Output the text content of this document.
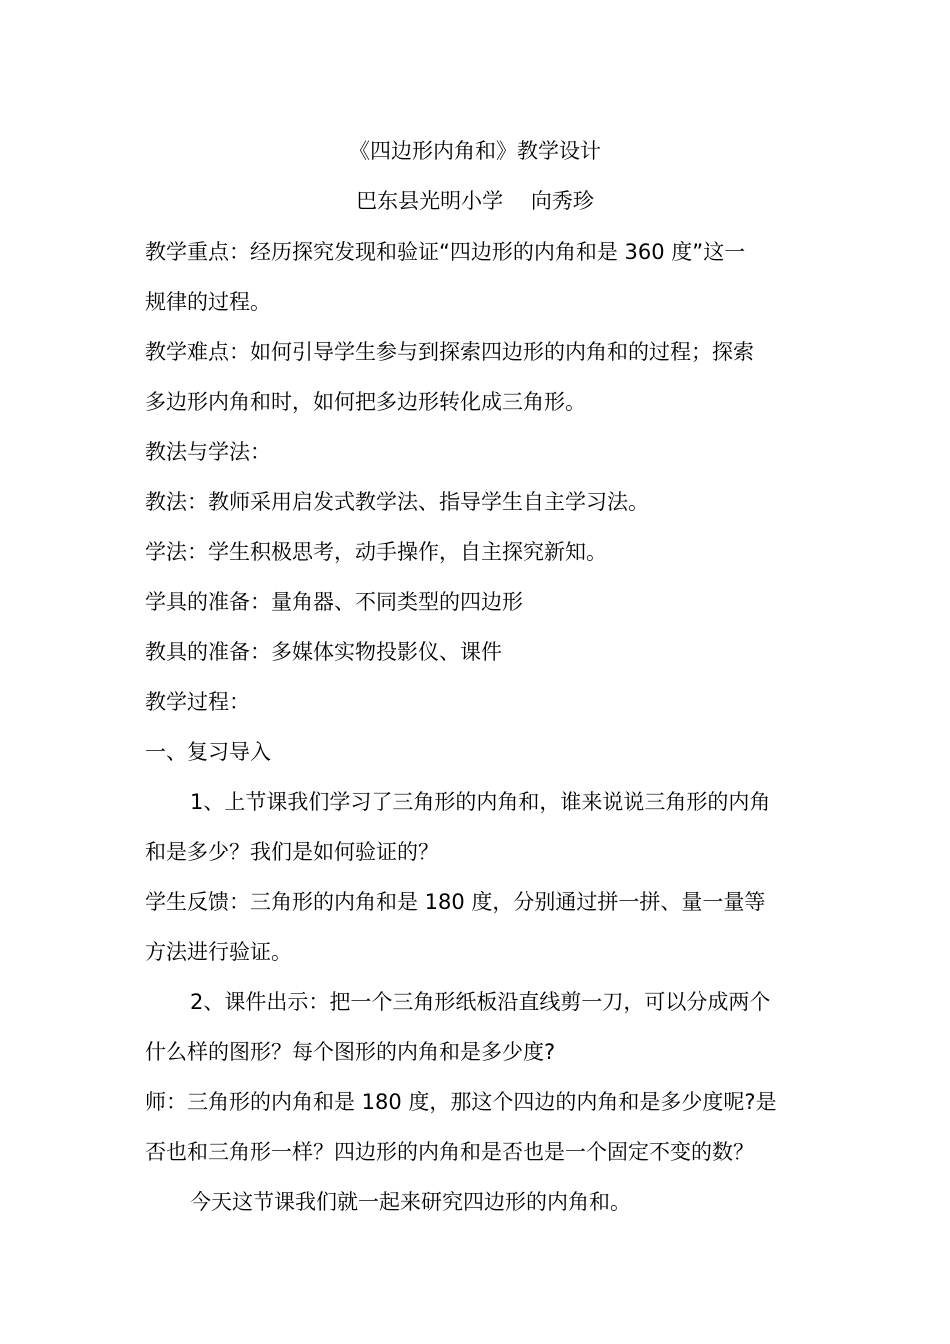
《四边形内角和》教学设计
巴东县光明小学　 向秀珍
教学重点：经历探究发现和验证“四边形的内角和是 360 度”这一
规律的过程。
教学难点：如何引导学生参与到探索四边形的内角和的过程；探索
多边形内角和时，如何把多边形转化成三角形。
教法与学法：
教法：教师采用启发式教学法、指导学生自主学习法。
学法：学生积极思考，动手操作，自主探究新知。
学具的准备：量角器、不同类型的四边形
教具的准备：多媒体实物投影仪、课件
教学过程：
一、复习导入
1、上节课我们学习了三角形的内角和，谁来说说三角形的内角
和是多少？我们是如何验证的？
学生反馈：三角形的内角和是 180 度，分别通过拼一拼、量一量等
方法进行验证。
2、课件出示：把一个三角形纸板沿直线剪一刀，可以分成两个
什么样的图形？每个图形的内角和是多少度?
师：三角形的内角和是 180 度，那这个四边的内角和是多少度呢?是
否也和三角形一样？四边形的内角和是否也是一个固定不变的数？
今天这节课我们就一起来研究四边形的内角和。
